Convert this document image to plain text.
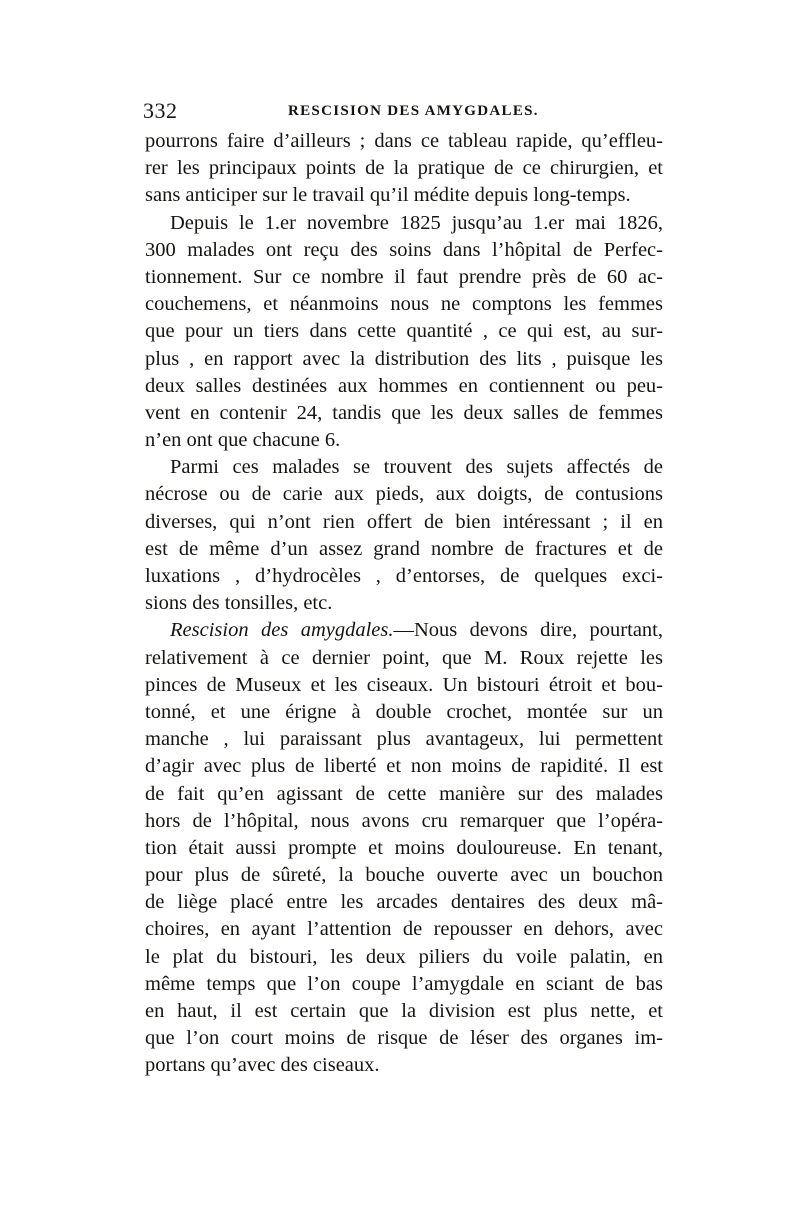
332	RESCISION DES AMYGDALES.
pourrons faire d’ailleurs ; dans ce tableau rapide, qu’effleu-
rer les principaux points de la pratique de ce chirurgien, et
sans anticiper sur le travail qu’il médite depuis long-temps.
Depuis le 1.er novembre 1825 jusqu’au 1.er mai 1826,
300 malades ont reçu des soins dans l’hôpital de Perfec-
tionnement. Sur ce nombre il faut prendre près de 60 ac-
couchemens, et néanmoins nous ne comptons les femmes
que pour un tiers dans cette quantité , ce qui est, au sur-
plus , en rapport avec la distribution des lits , puisque les
deux salles destinées aux hommes en contiennent ou peu-
vent en contenir 24, tandis que les deux salles de femmes
n’en ont que chacune 6.
Parmi ces malades se trouvent des sujets affectés de
nécrose ou de carie aux pieds, aux doigts, de contusions
diverses, qui n’ont rien offert de bien intéressant ; il en
est de même d’un assez grand nombre de fractures et de
luxations , d’hydrocèles , d’entorses, de quelques exci-
sions des tonsilles, etc.
Rescision des amygdales.—Nous devons dire, pourtant,
relativement à ce dernier point, que M. Roux rejette les
pinces de Museux et les ciseaux. Un bistouri étroit et bou-
tonné, et une érigne à double crochet, montée sur un
manche , lui paraissant plus avantageux, lui permettent
d’agir avec plus de liberté et non moins de rapidité. Il est
de fait qu’en agissant de cette manière sur des malades
hors de l’hôpital, nous avons cru remarquer que l’opéra-
tion était aussi prompte et moins douloureuse. En tenant,
pour plus de sûreté, la bouche ouverte avec un bouchon
de liège placé entre les arcades dentaires des deux mâ-
choires, en ayant l’attention de repousser en dehors, avec
le plat du bistouri, les deux piliers du voile palatin, en
même temps que l’on coupe l’amygdale en sciant de bas
en haut, il est certain que la division est plus nette, et
que l’on court moins de risque de léser des organes im-
portans qu’avec des ciseaux.
